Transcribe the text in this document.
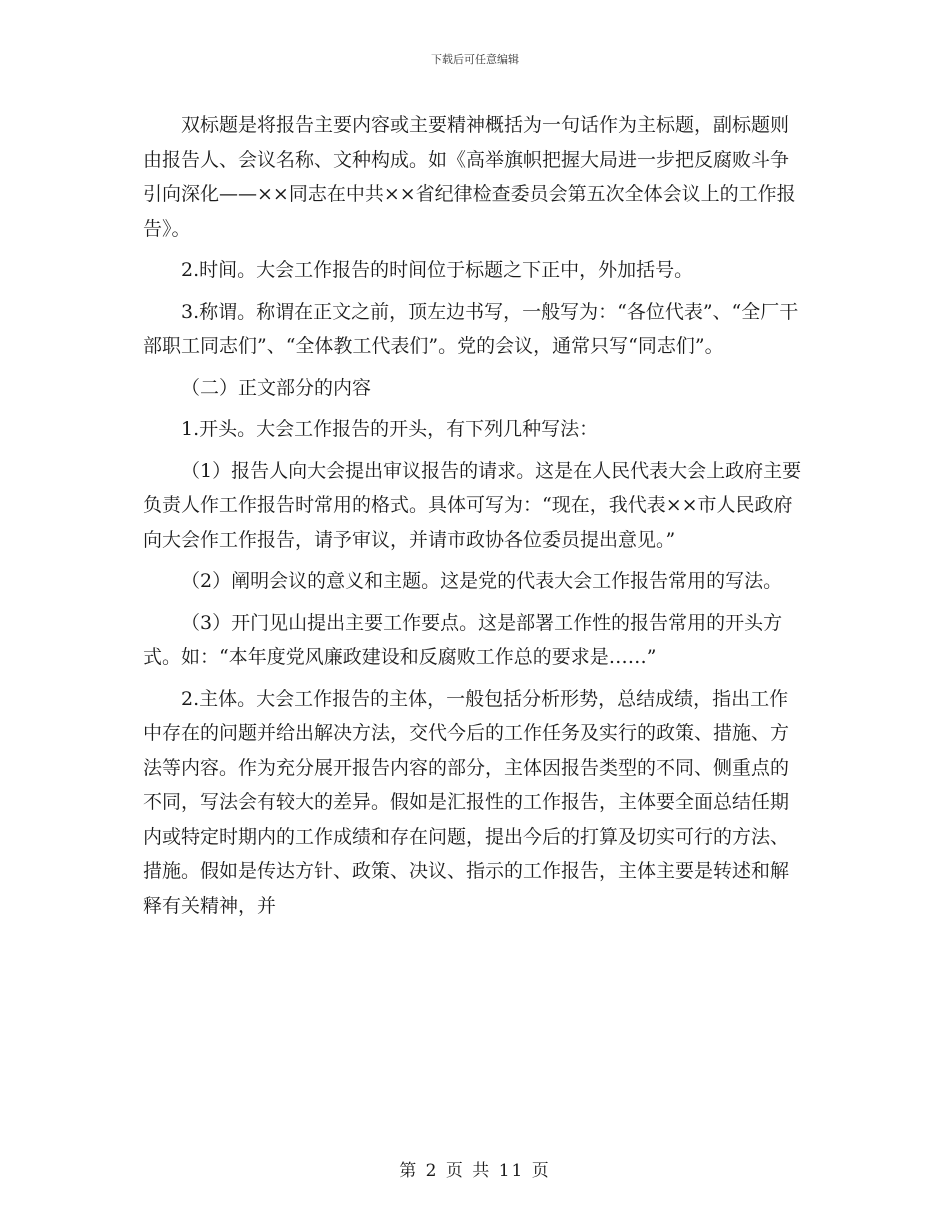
下载后可任意编辑

双标题是将报告主要内容或主要精神概括为一句话作为主标题，副标题则由报告人、会议名称、文种构成。如《高举旗帜把握大局进一步把反腐败斗争引向深化——××同志在中共××省纪律检查委员会第五次全体会议上的工作报告》。

2.时间。大会工作报告的时间位于标题之下正中，外加括号。

3.称谓。称谓在正文之前，顶左边书写，一般写为：“各位代表”、“全厂干部职工同志们”、“全体教工代表们”。党的会议，通常只写“同志们”。

（二）正文部分的内容

1.开头。大会工作报告的开头，有下列几种写法：

（1）报告人向大会提出审议报告的请求。这是在人民代表大会上政府主要负责人作工作报告时常用的格式。具体可写为：“现在，我代表××市人民政府向大会作工作报告，请予审议，并请市政协各位委员提出意见。”

（2）阐明会议的意义和主题。这是党的代表大会工作报告常用的写法。

（3）开门见山提出主要工作要点。这是部署工作性的报告常用的开头方式。如：“本年度党风廉政建设和反腐败工作总的要求是……”

2.主体。大会工作报告的主体，一般包括分析形势，总结成绩，指出工作中存在的问题并给出解决方法，交代今后的工作任务及实行的政策、措施、方法等内容。作为充分展开报告内容的部分，主体因报告类型的不同、侧重点的不同，写法会有较大的差异。假如是汇报性的工作报告，主体要全面总结任期内或特定时期内的工作成绩和存在问题，提出今后的打算及切实可行的方法、措施。假如是传达方针、政策、决议、指示的工作报告，主体主要是转述和解释有关精神，并

第 2 页 共 11 页
